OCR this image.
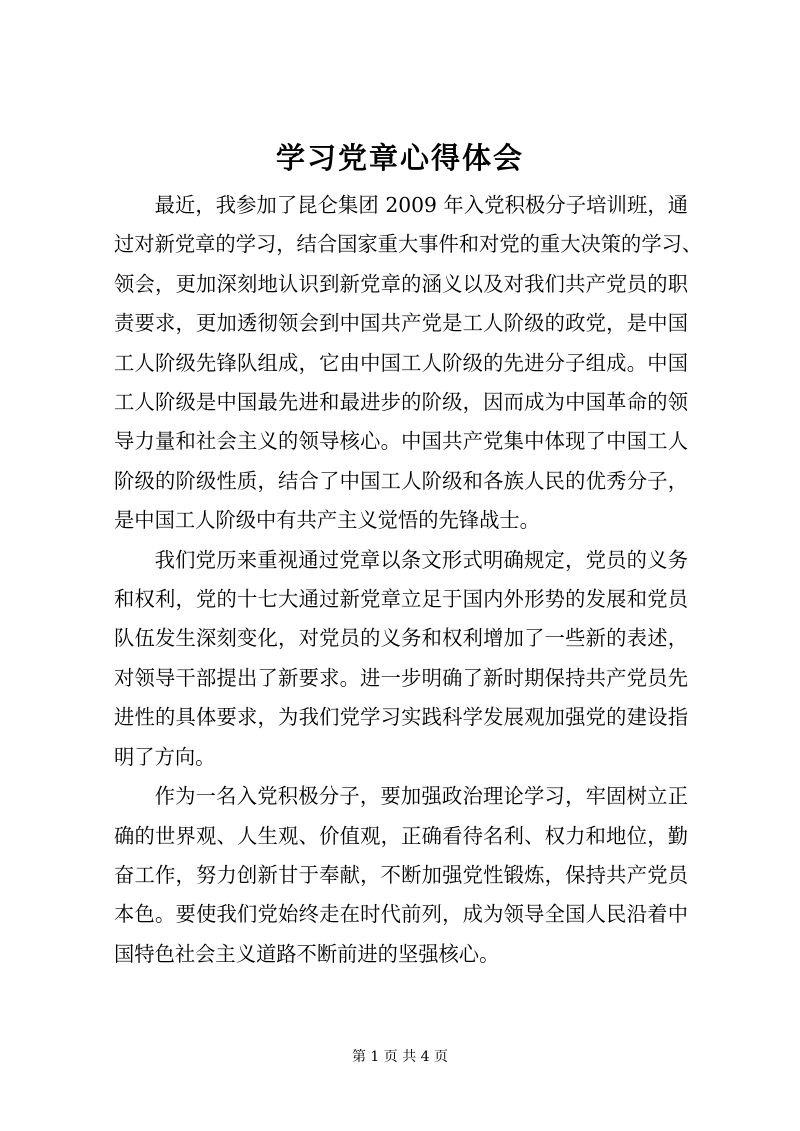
学习党章心得体会
最近，我参加了昆仑集团 2009 年入党积极分子培训班，通
过对新党章的学习，结合国家重大事件和对党的重大决策的学习、
领会，更加深刻地认识到新党章的涵义以及对我们共产党员的职
责要求，更加透彻领会到中国共产党是工人阶级的政党，是中国
工人阶级先锋队组成，它由中国工人阶级的先进分子组成。中国
工人阶级是中国最先进和最进步的阶级，因而成为中国革命的领
导力量和社会主义的领导核心。中国共产党集中体现了中国工人
阶级的阶级性质，结合了中国工人阶级和各族人民的优秀分子，
是中国工人阶级中有共产主义觉悟的先锋战士。
我们党历来重视通过党章以条文形式明确规定，党员的义务
和权利，党的十七大通过新党章立足于国内外形势的发展和党员
队伍发生深刻变化，对党员的义务和权利增加了一些新的表述，
对领导干部提出了新要求。进一步明确了新时期保持共产党员先
进性的具体要求，为我们党学习实践科学发展观加强党的建设指
明了方向。
作为一名入党积极分子，要加强政治理论学习，牢固树立正
确的世界观、人生观、价值观，正确看待名利、权力和地位，勤
奋工作，努力创新甘于奉献，不断加强党性锻炼，保持共产党员
本色。要使我们党始终走在时代前列，成为领导全国人民沿着中
国特色社会主义道路不断前进的坚强核心。
第 1 页 共 4 页
